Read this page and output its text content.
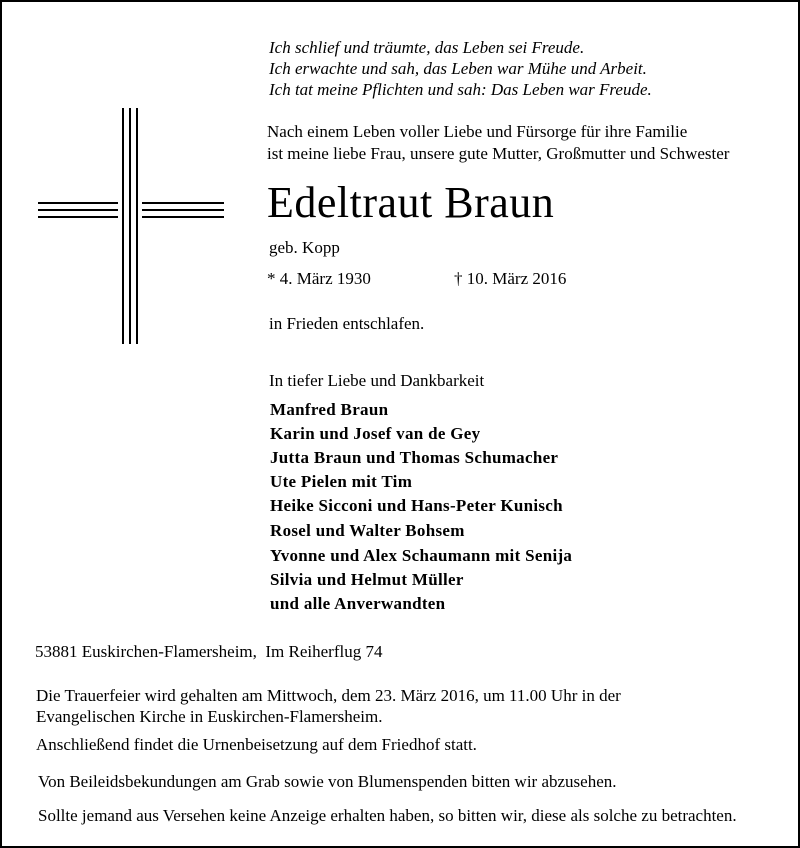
Ich schlief und träumte, das Leben sei Freude.
Ich erwachte und sah, das Leben war Mühe und Arbeit.
Ich tat meine Pflichten und sah: Das Leben war Freude.
Nach einem Leben voller Liebe und Fürsorge für ihre Familie
ist meine liebe Frau, unsere gute Mutter, Großmutter und Schwester
Edeltraut Braun
geb. Kopp
* 4. März 1930	† 10. März 2016
in Frieden entschlafen.
In tiefer Liebe und Dankbarkeit
Manfred Braun
Karin und Josef van de Gey
Jutta Braun und Thomas Schumacher
Ute Pielen mit Tim
Heike Sicconi und Hans-Peter Kunisch
Rosel und Walter Bohsem
Yvonne und Alex Schaumann mit Senija
Silvia und Helmut Müller
und alle Anverwandten
53881 Euskirchen-Flamersheim,  Im Reiherflug 74
Die Trauerfeier wird gehalten am Mittwoch, dem 23. März 2016, um 11.00 Uhr in der
Evangelischen Kirche in Euskirchen-Flamersheim.
Anschließend findet die Urnenbeisetzung auf dem Friedhof statt.
Von Beileidsbekundungen am Grab sowie von Blumenspenden bitten wir abzusehen.
Sollte jemand aus Versehen keine Anzeige erhalten haben, so bitten wir, diese als solche zu betrachten.
